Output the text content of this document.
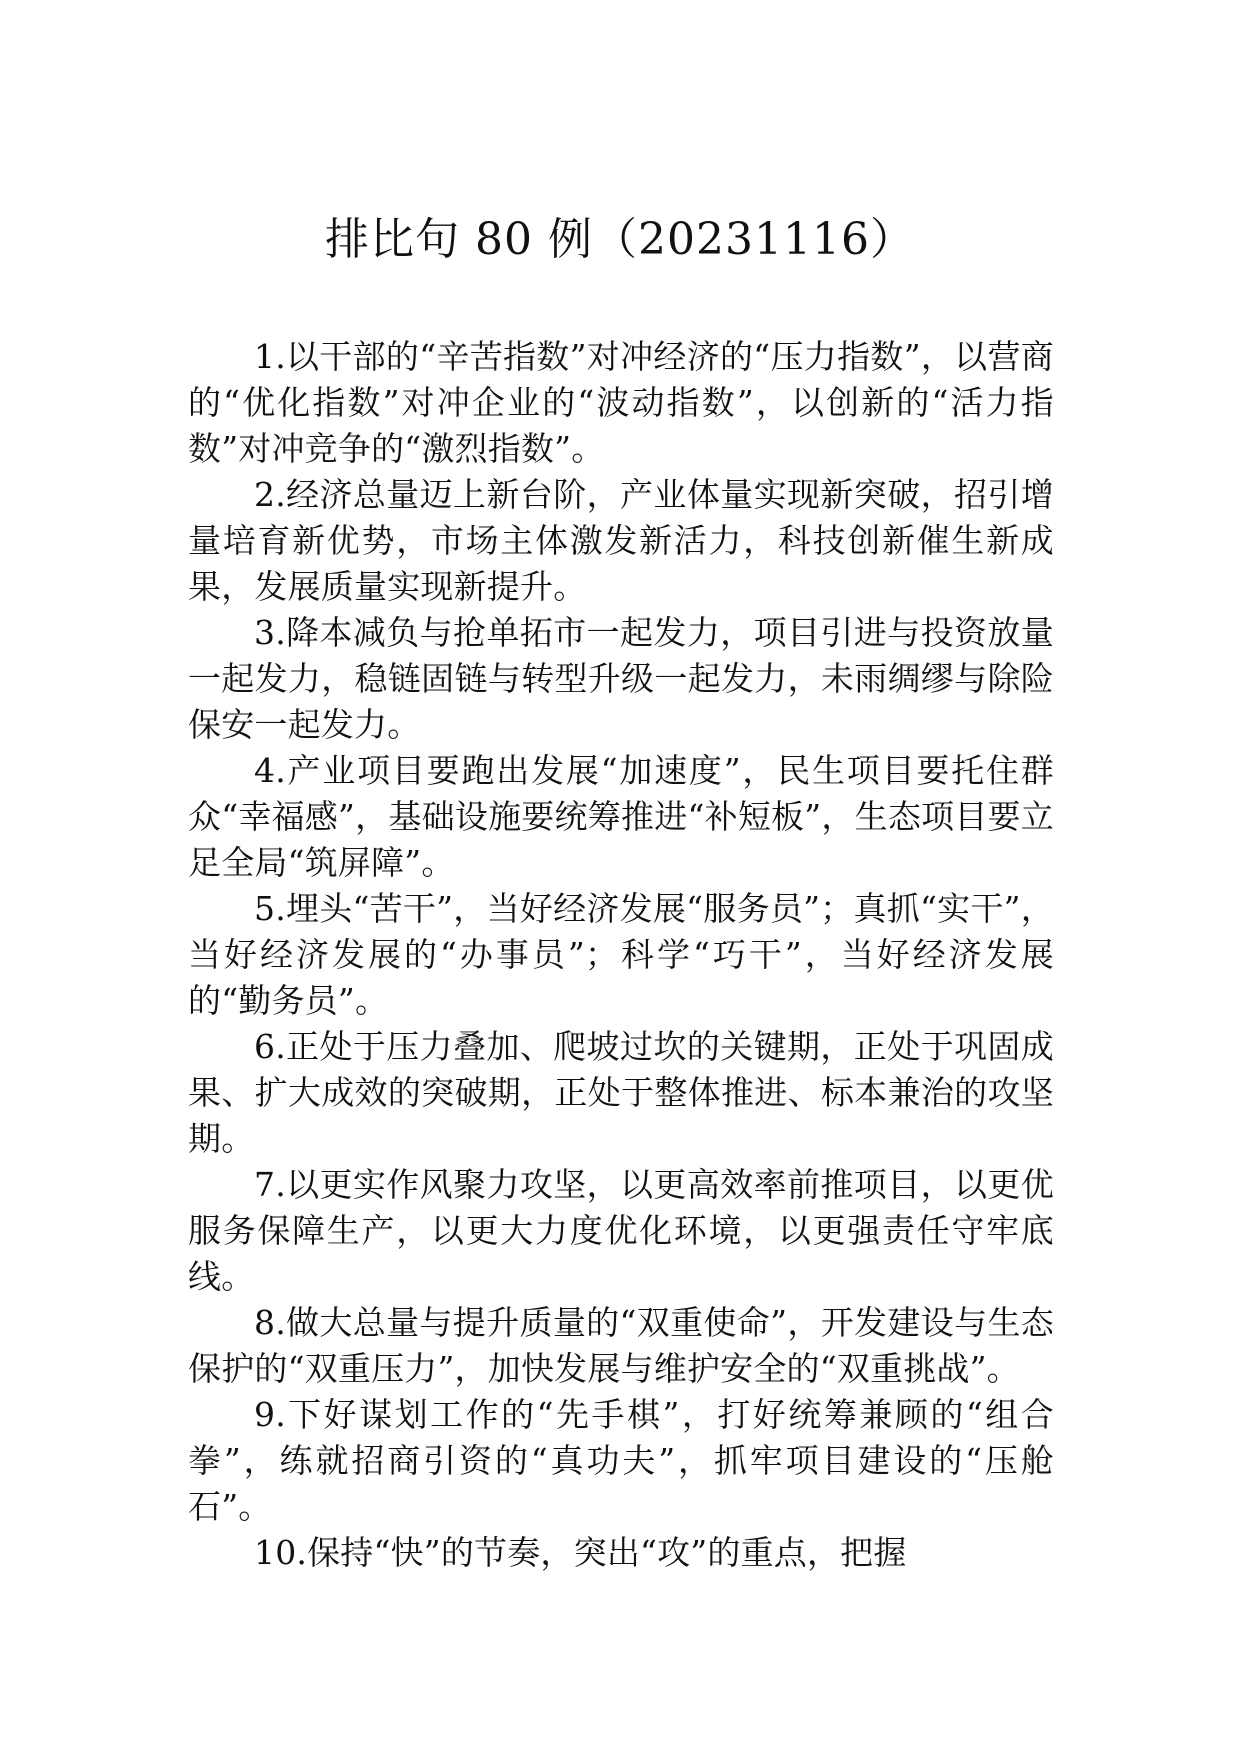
排比句 80 例（20231116）

1.以干部的“辛苦指数”对冲经济的“压力指数”，以营商的“优化指数”对冲企业的“波动指数”，以创新的“活力指数”对冲竞争的“激烈指数”。

2.经济总量迈上新台阶，产业体量实现新突破，招引增量培育新优势，市场主体激发新活力，科技创新催生新成果，发展质量实现新提升。

3.降本减负与抢单拓市一起发力，项目引进与投资放量一起发力，稳链固链与转型升级一起发力，未雨绸缪与除险保安一起发力。

4.产业项目要跑出发展“加速度”，民生项目要托住群众“幸福感”，基础设施要统筹推进“补短板”，生态项目要立足全局“筑屏障”。

5.埋头“苦干”，当好经济发展“服务员”；真抓“实干”，当好经济发展的“办事员”；科学“巧干”，当好经济发展的“勤务员”。

6.正处于压力叠加、爬坡过坎的关键期，正处于巩固成果、扩大成效的突破期，正处于整体推进、标本兼治的攻坚期。

7.以更实作风聚力攻坚，以更高效率前推项目，以更优服务保障生产，以更大力度优化环境，以更强责任守牢底线。

8.做大总量与提升质量的“双重使命”，开发建设与生态保护的“双重压力”，加快发展与维护安全的“双重挑战”。

9.下好谋划工作的“先手棋”，打好统筹兼顾的“组合拳”，练就招商引资的“真功夫”，抓牢项目建设的“压舱石”。

10.保持“快”的节奏，突出“攻”的重点，把握
